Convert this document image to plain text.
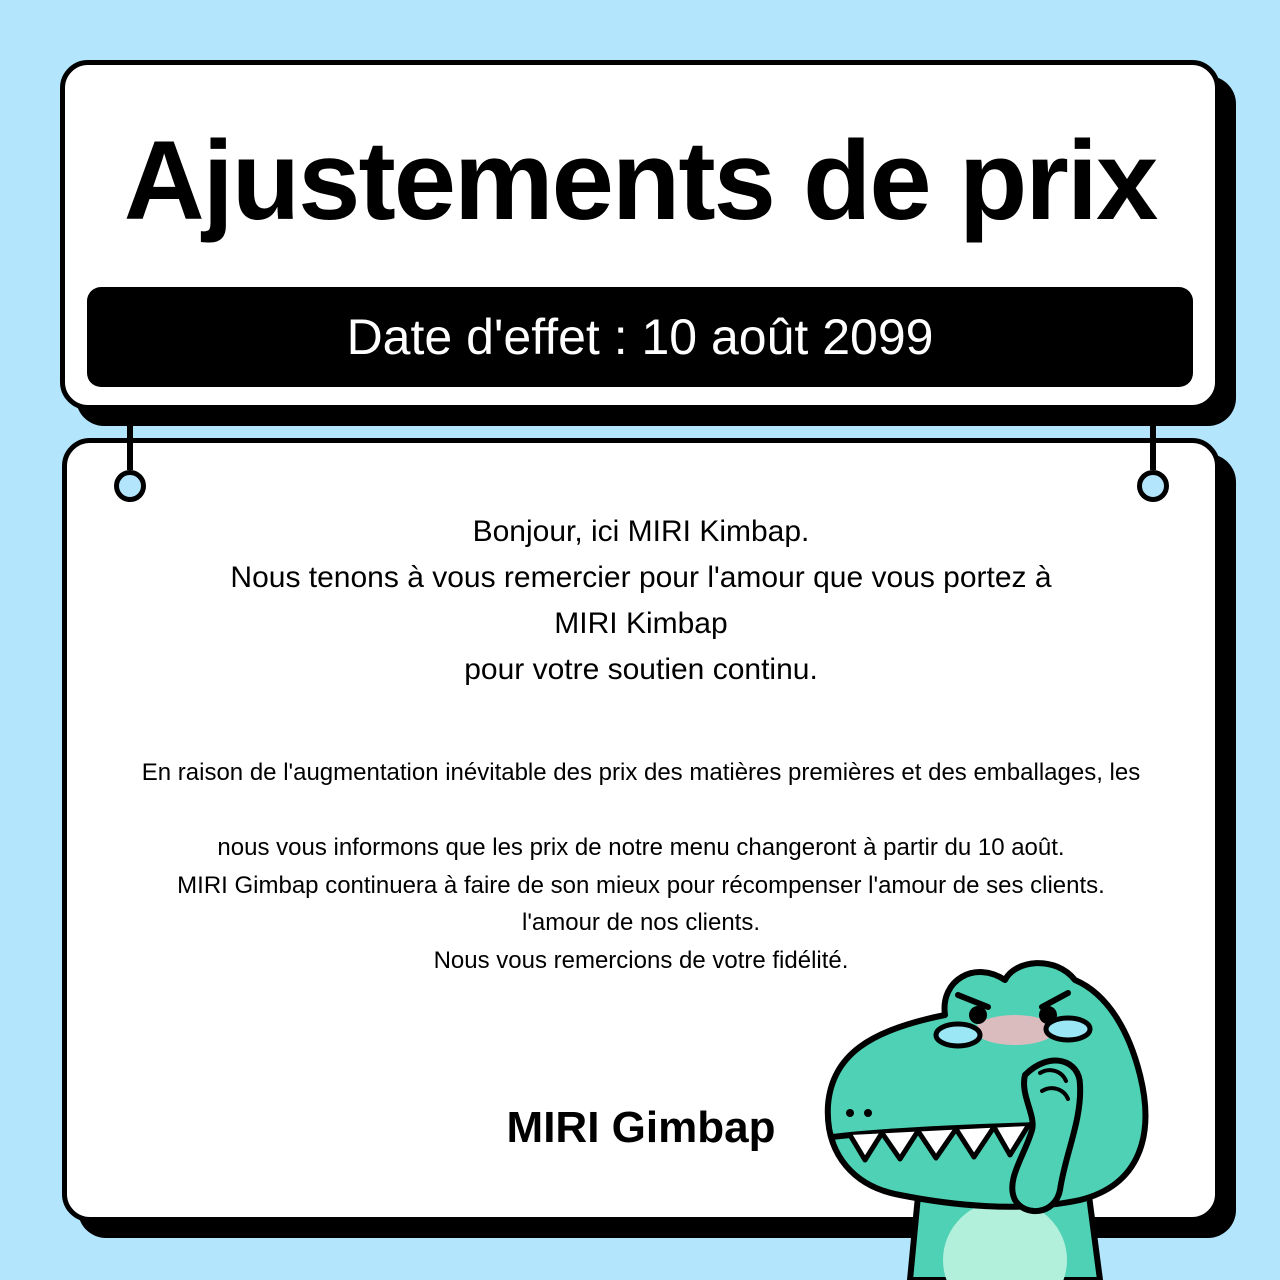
Ajustements de prix
Date d'effet : 10 août 2099
Bonjour, ici MIRI Kimbap.
Nous tenons à vous remercier pour l'amour que vous portez à
MIRI Kimbap
pour votre soutien continu.
En raison de l'augmentation inévitable des prix des matières premières et des emballages, les
nous vous informons que les prix de notre menu changeront à partir du 10 août.
MIRI Gimbap continuera à faire de son mieux pour récompenser l'amour de ses clients.
l'amour de nos clients.
Nous vous remercions de votre fidélité.
MIRI Gimbap
